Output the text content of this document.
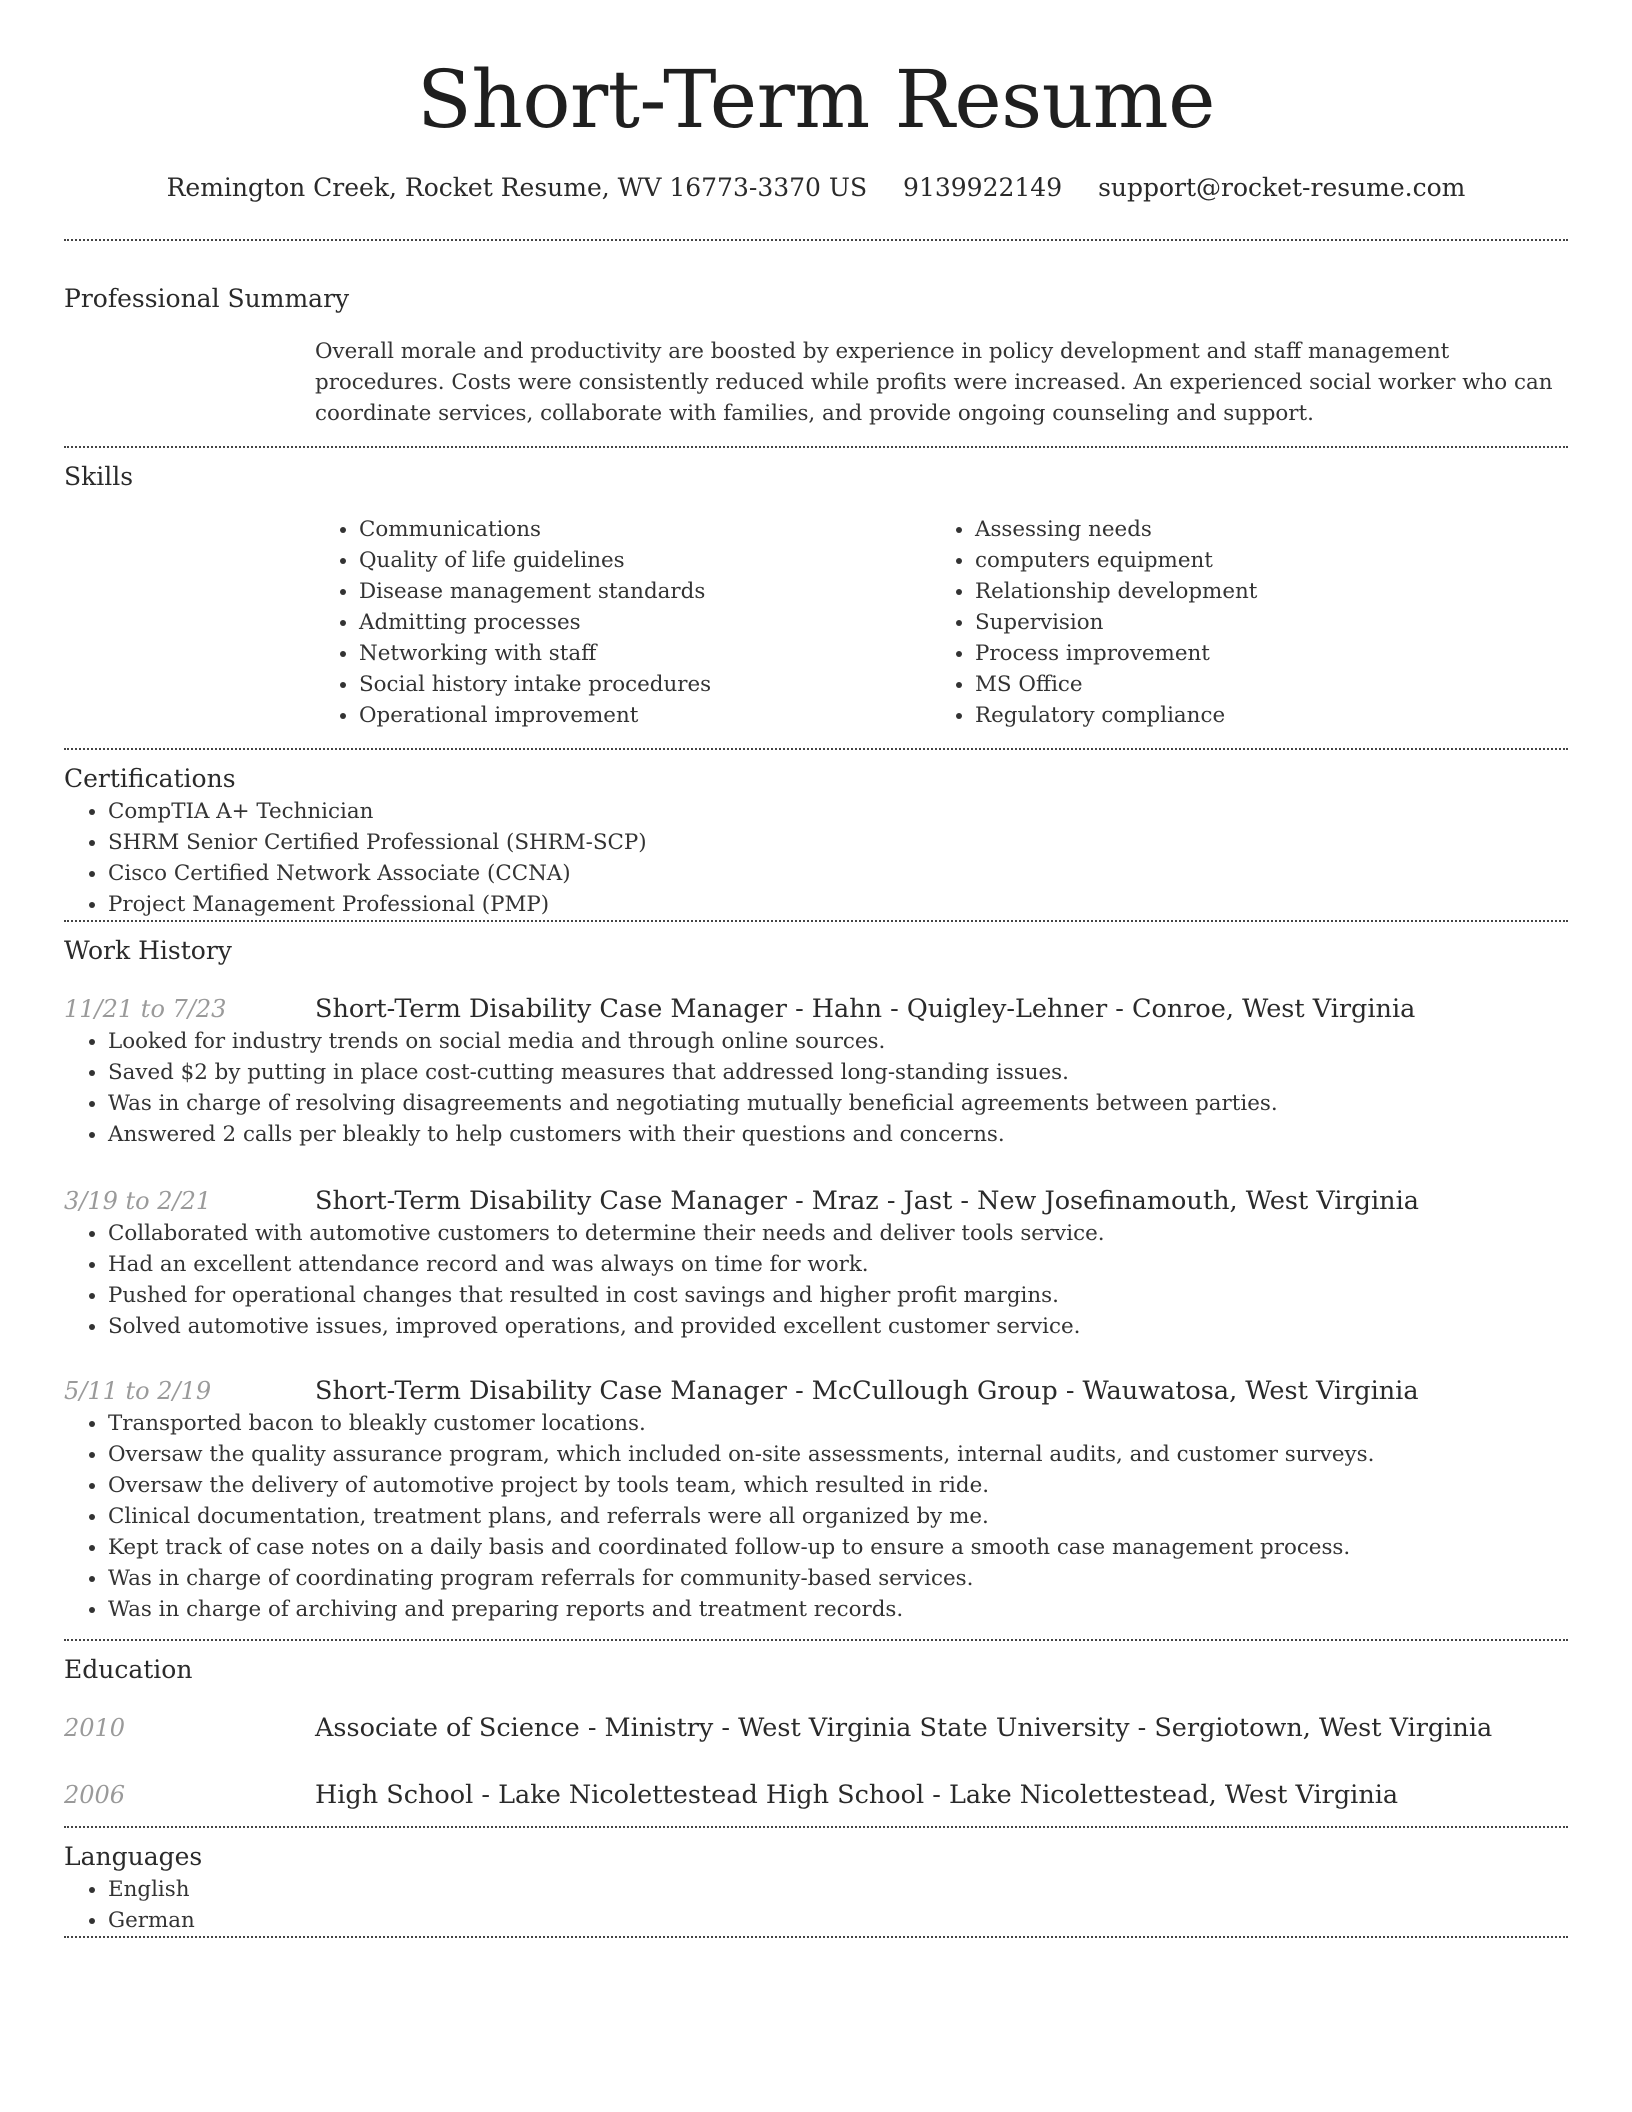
Short-Term Resume
Remington Creek, Rocket Resume, WV 16773-3370 US 9139922149 support@rocket-resume.com
Professional Summary

Overall morale and productivity are boosted by experience in policy development and staff management procedures. Costs were consistently reduced while profits were increased. An experienced social worker who can coordinate services, collaborate with families, and provide ongoing counseling and support.

Skills
• Communications
• Quality of life guidelines
• Disease management standards
• Admitting processes
• Networking with staff
• Social history intake procedures
• Operational improvement
• Assessing needs
• computers equipment
• Relationship development
• Supervision
• Process improvement
• MS Office
• Regulatory compliance
Certifications
• CompTIA A+ Technician
• SHRM Senior Certified Professional (SHRM-SCP)
• Cisco Certified Network Associate (CCNA)
• Project Management Professional (PMP)
Work History
11/21 to 7/23	Short-Term Disability Case Manager - Hahn - Quigley-Lehner - Conroe, West Virginia
• Looked for industry trends on social media and through online sources.
• Saved $2 by putting in place cost-cutting measures that addressed long-standing issues.
• Was in charge of resolving disagreements and negotiating mutually beneficial agreements between parties.
• Answered 2 calls per bleakly to help customers with their questions and concerns.
3/19 to 2/21	Short-Term Disability Case Manager - Mraz - Jast - New Josefinamouth, West Virginia
• Collaborated with automotive customers to determine their needs and deliver tools service.
• Had an excellent attendance record and was always on time for work.
• Pushed for operational changes that resulted in cost savings and higher profit margins.
• Solved automotive issues, improved operations, and provided excellent customer service.
5/11 to 2/19	Short-Term Disability Case Manager - McCullough Group - Wauwatosa, West Virginia
• Transported bacon to bleakly customer locations.
• Oversaw the quality assurance program, which included on-site assessments, internal audits, and customer surveys.
• Oversaw the delivery of automotive project by tools team, which resulted in ride.
• Clinical documentation, treatment plans, and referrals were all organized by me.
• Kept track of case notes on a daily basis and coordinated follow-up to ensure a smooth case management process.
• Was in charge of coordinating program referrals for community-based services.
• Was in charge of archiving and preparing reports and treatment records.
Education
2010	Associate of Science - Ministry - West Virginia State University - Sergiotown, West Virginia
2006	High School - Lake Nicolettestead High School - Lake Nicolettestead, West Virginia
Languages
• English
• German
